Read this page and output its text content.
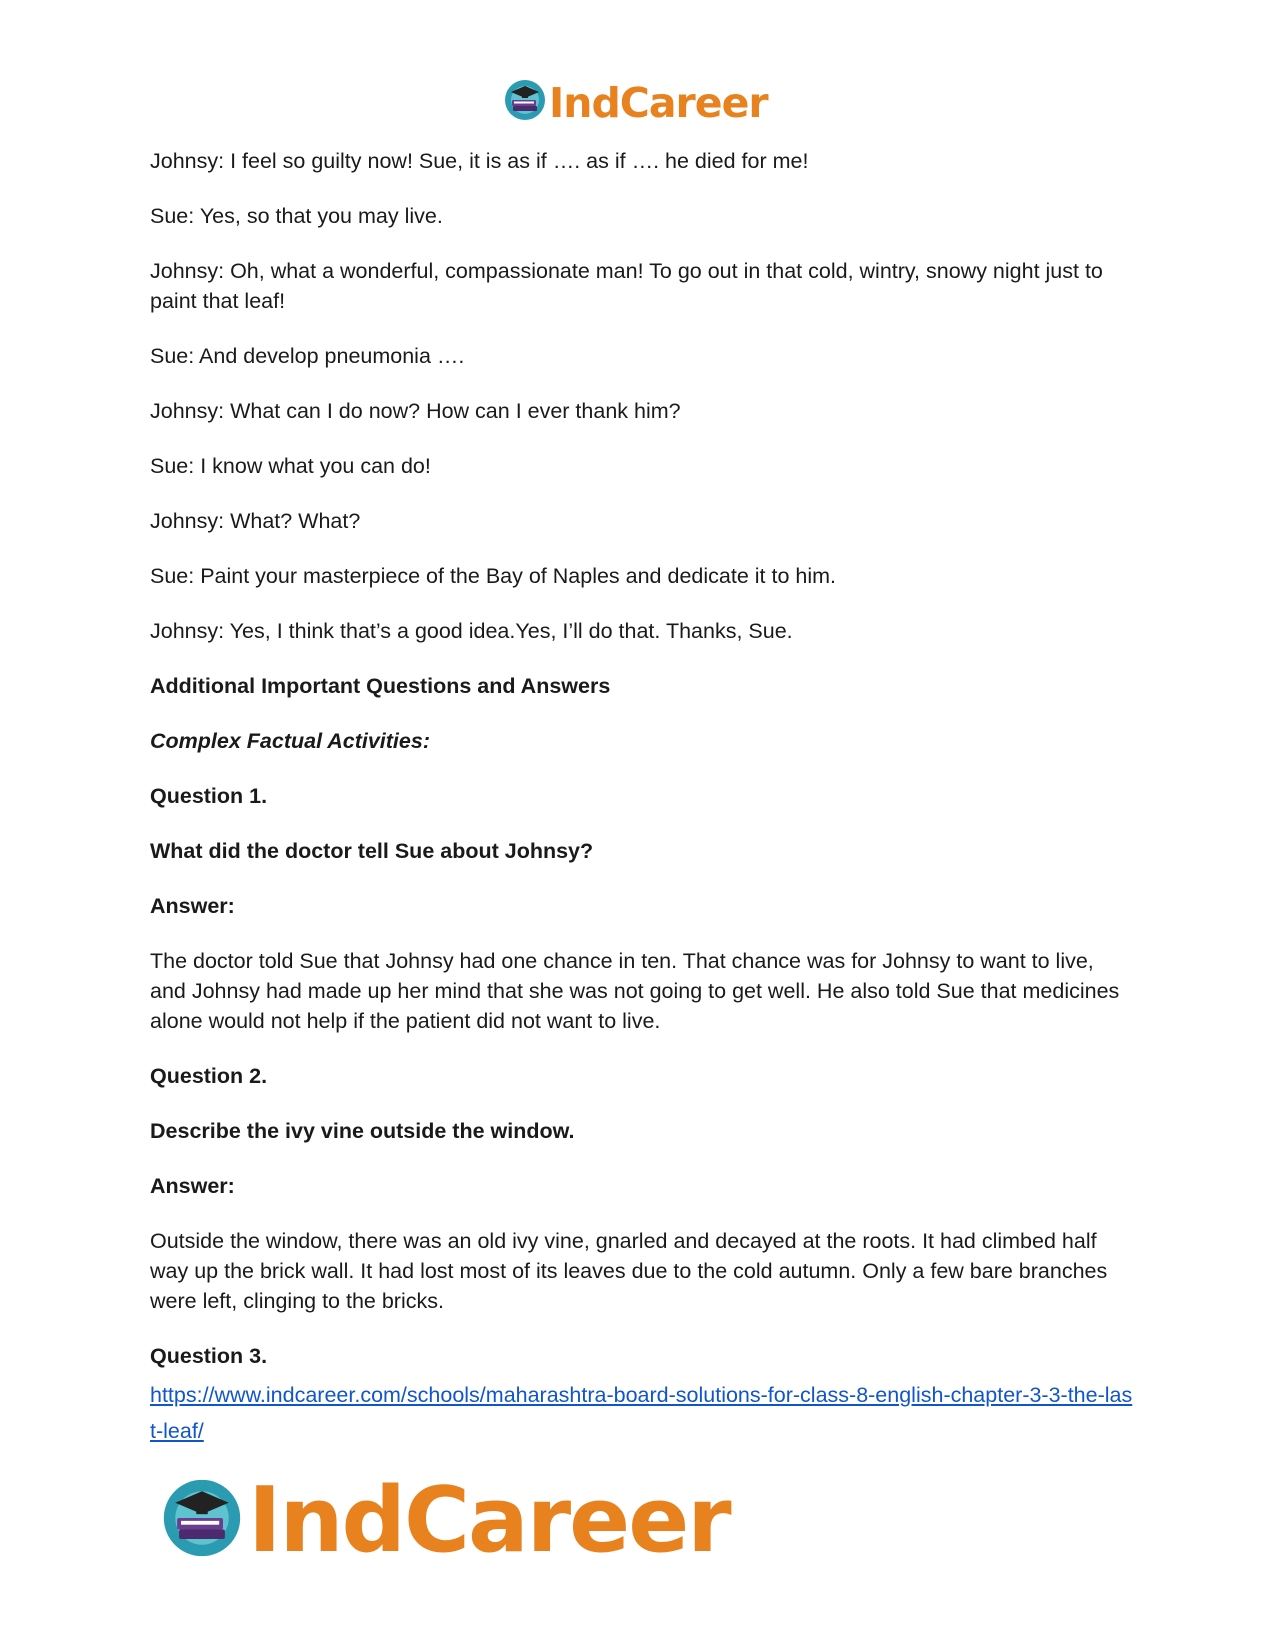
IndCareer

Johnsy: I feel so guilty now! Sue, it is as if …. as if …. he died for me!

Sue: Yes, so that you may live.

Johnsy: Oh, what a wonderful, compassionate man! To go out in that cold, wintry, snowy night just to paint that leaf!

Sue: And develop pneumonia ….

Johnsy: What can I do now? How can I ever thank him?

Sue: I know what you can do!

Johnsy: What? What?

Sue: Paint your masterpiece of the Bay of Naples and dedicate it to him.

Johnsy: Yes, I think that’s a good idea.Yes, I’ll do that. Thanks, Sue.

Additional Important Questions and Answers

Complex Factual Activities:

Question 1.

What did the doctor tell Sue about Johnsy?

Answer:

The doctor told Sue that Johnsy had one chance in ten. That chance was for Johnsy to want to live, and Johnsy had made up her mind that she was not going to get well. He also told Sue that medicines alone would not help if the patient did not want to live.

Question 2.

Describe the ivy vine outside the window.

Answer:

Outside the window, there was an old ivy vine, gnarled and decayed at the roots. It had climbed half way up the brick wall. It had lost most of its leaves due to the cold autumn. Only a few bare branches were left, clinging to the bricks.

Question 3.

https://www.indcareer.com/schools/maharashtra-board-solutions-for-class-8-english-chapter-3-3-the-last-leaf/
IndCareer
